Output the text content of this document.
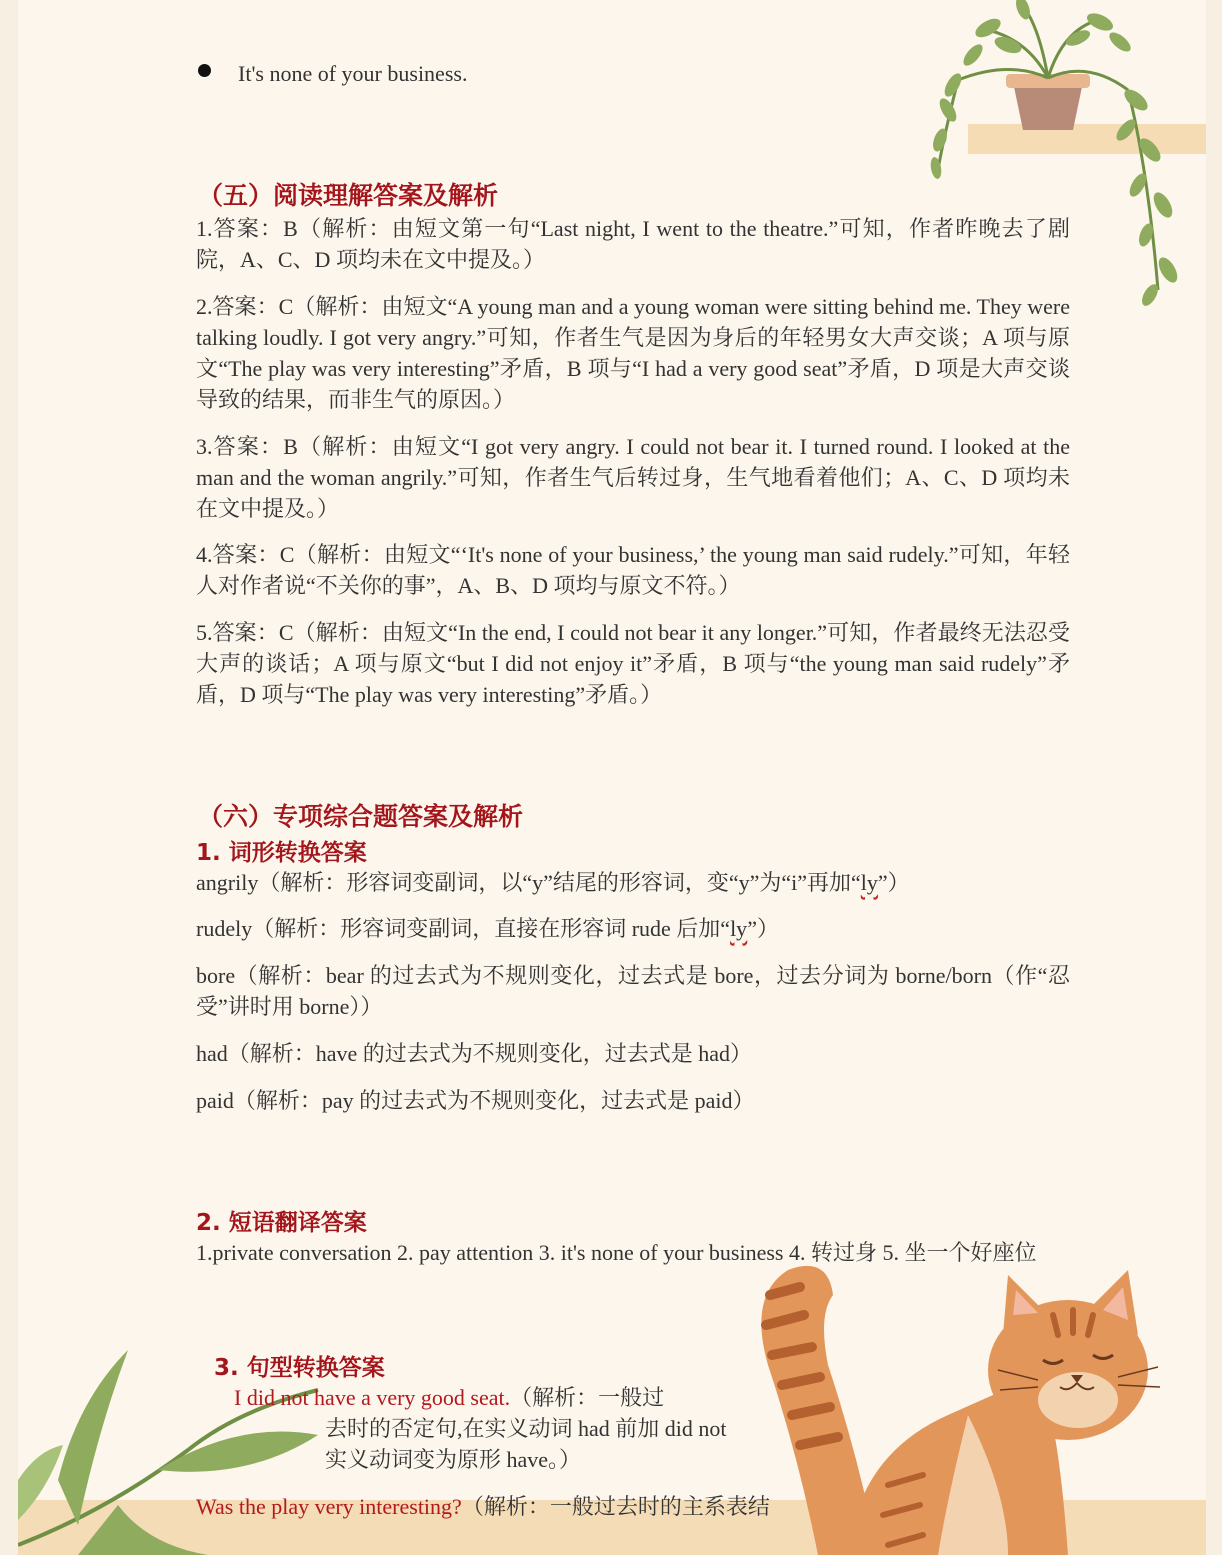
It's none of your business.
（五）阅读理解答案及解析
1.答案：B（解析：由短文第一句“Last night, I went to the theatre.”可知，作者昨晚去了剧院，A、C、D 项均未在文中提及。）
2.答案：C（解析：由短文“A young man and a young woman were sitting behind me. They were talking loudly. I got very angry.”可知，作者生气是因为身后的年轻男女大声交谈；A 项与原文“The play was very interesting”矛盾，B 项与“I had a very good seat”矛盾，D 项是大声交谈导致的结果，而非生气的原因。）
3.答案：B（解析：由短文“I got very angry. I could not bear it. I turned round. I looked at the man and the woman angrily.”可知，作者生气后转过身，生气地看着他们；A、C、D 项均未在文中提及。）
4.答案：C（解析：由短文“‘It's none of your business,’ the young man said rudely.”可知，年轻人对作者说“不关你的事”，A、B、D 项均与原文不符。）
5.答案：C（解析：由短文“In the end, I could not bear it any longer.”可知，作者最终无法忍受大声的谈话；A 项与原文“but I did not enjoy it”矛盾，B 项与“the young man said rudely”矛盾，D 项与“The play was very interesting”矛盾。）
（六）专项综合题答案及解析
1. 词形转换答案
angrily（解析：形容词变副词，以“y”结尾的形容词，变“y”为“i”再加“ly”）
rudely（解析：形容词变副词，直接在形容词 rude 后加“ly”）
bore（解析：bear 的过去式为不规则变化，过去式是 bore，过去分词为 borne/born（作“忍受”讲时用 borne））
had（解析：have 的过去式为不规则变化，过去式是 had）
paid（解析：pay 的过去式为不规则变化，过去式是 paid）
2. 短语翻译答案
1.private conversation 2. pay attention 3. it's none of your business 4. 转过身 5. 坐一个好座位
3. 句型转换答案
I did not have a very good seat.（解析：一般过
去时的否定句,在实义动词 had 前加 did not
实义动词变为原形 have。）
Was the play very interesting?（解析：一般过去时的主系表结
